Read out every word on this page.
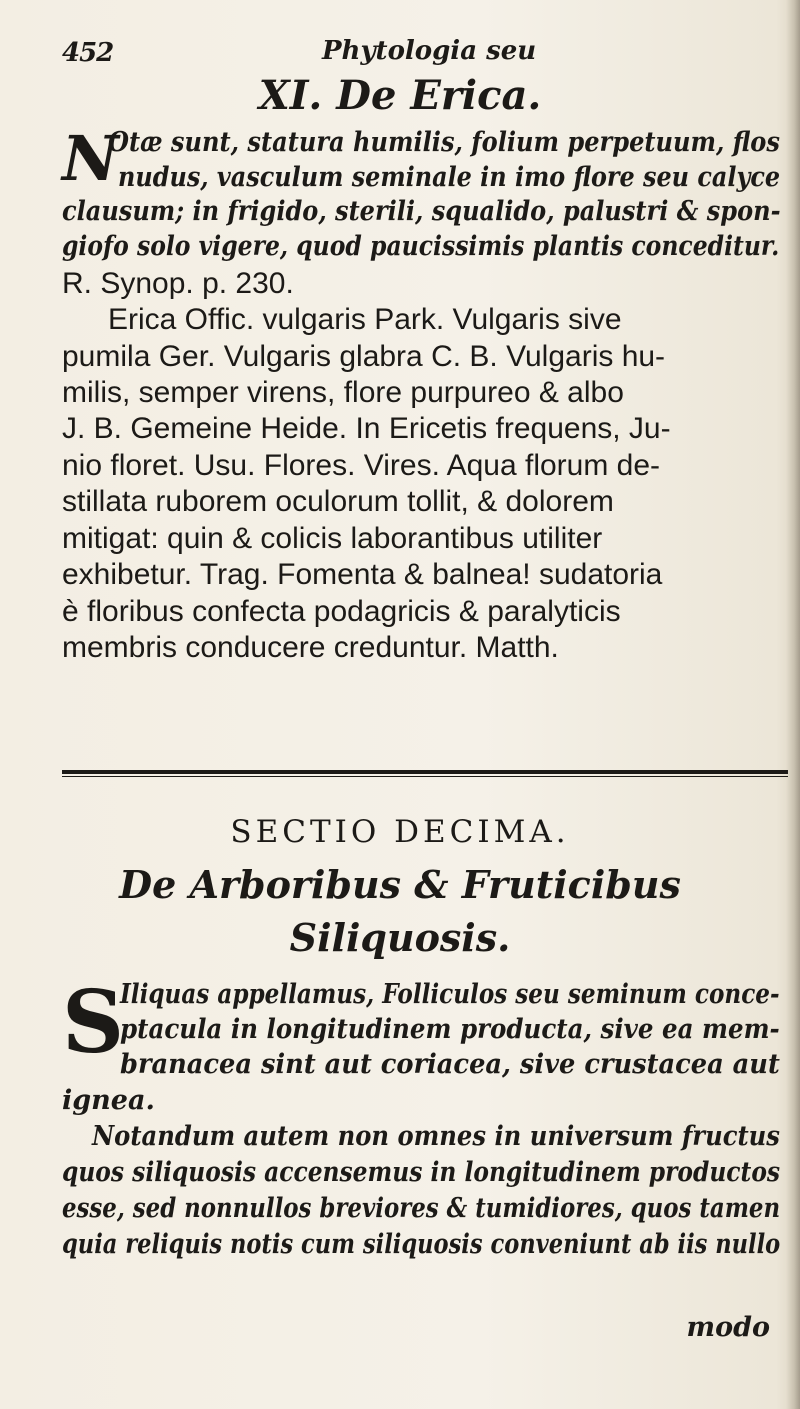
452	Phytologia seu
XI. De Erica.
N
Otæ sunt, statura humilis, folium perpetuum, flos
nudus, vasculum seminale in imo flore seu calyce
clausum; in frigido, sterili, squalido, palustri & spon-
giofo solo vigere, quod paucissimis plantis conceditur.
R. Synop. p. 230.
Erica Offic. vulgaris Park. Vulgaris sive
pumila Ger. Vulgaris glabra C. B. Vulgaris hu-
milis, semper virens, flore purpureo & albo
J. B. Gemeine Heide. In Ericetis frequens, Ju-
nio floret. Usu. Flores. Vires. Aqua florum de-
stillata ruborem oculorum tollit, & dolorem
mitigat: quin & colicis laborantibus utiliter
exhibetur. Trag. Fomenta & balnea! sudatoria
è floribus confecta podagricis & paralyticis
membris conducere creduntur. Matth.
SECTIO DECIMA.
De Arboribus & Fruticibus
Siliquosis.
S
Iliquas appellamus, Folliculos seu seminum conce-
ptacula in longitudinem producta, sive ea mem-
branacea sint aut coriacea, sive crustacea aut
ignea.
Notandum autem non omnes in universum fructus
quos siliquosis accensemus in longitudinem productos
esse, sed nonnullos breviores & tumidiores, quos tamen
quia reliquis notis cum siliquosis conveniunt ab iis nullo
modo
